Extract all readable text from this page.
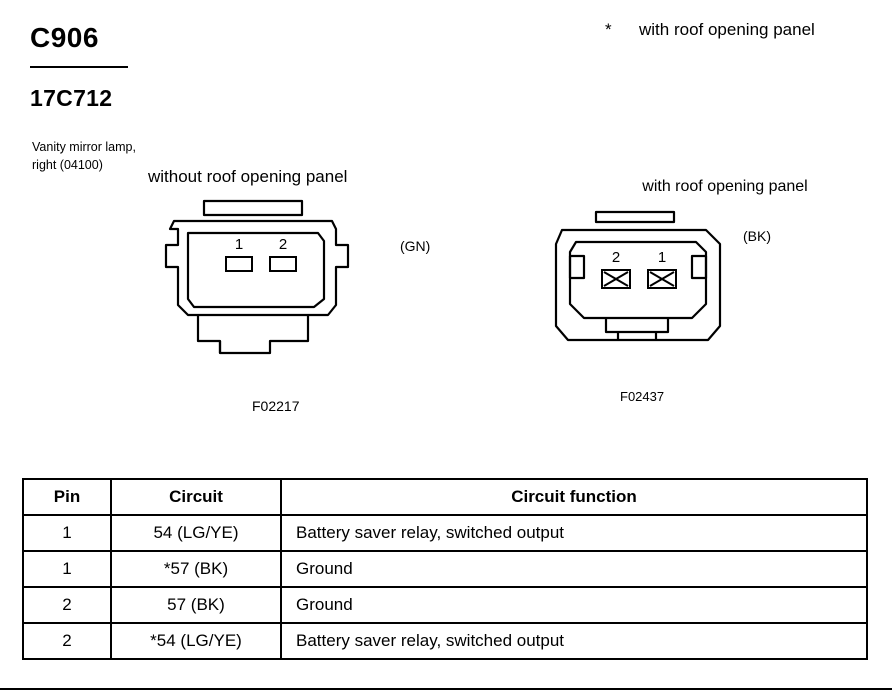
C906
17C712
* with roof opening panel
Vanity mirror lamp, right (04100)
without roof opening panel
with roof opening panel
(GN)
(BK)
F02217
F02437
1 2
2	1
Pin	Circuit	Circuit function
1	54 (LG/YE)	Battery saver relay, switched output
1	*57 (BK)	Ground
2	57 (BK)	Ground
2	*54 (LG/YE)	Battery saver relay, switched output
